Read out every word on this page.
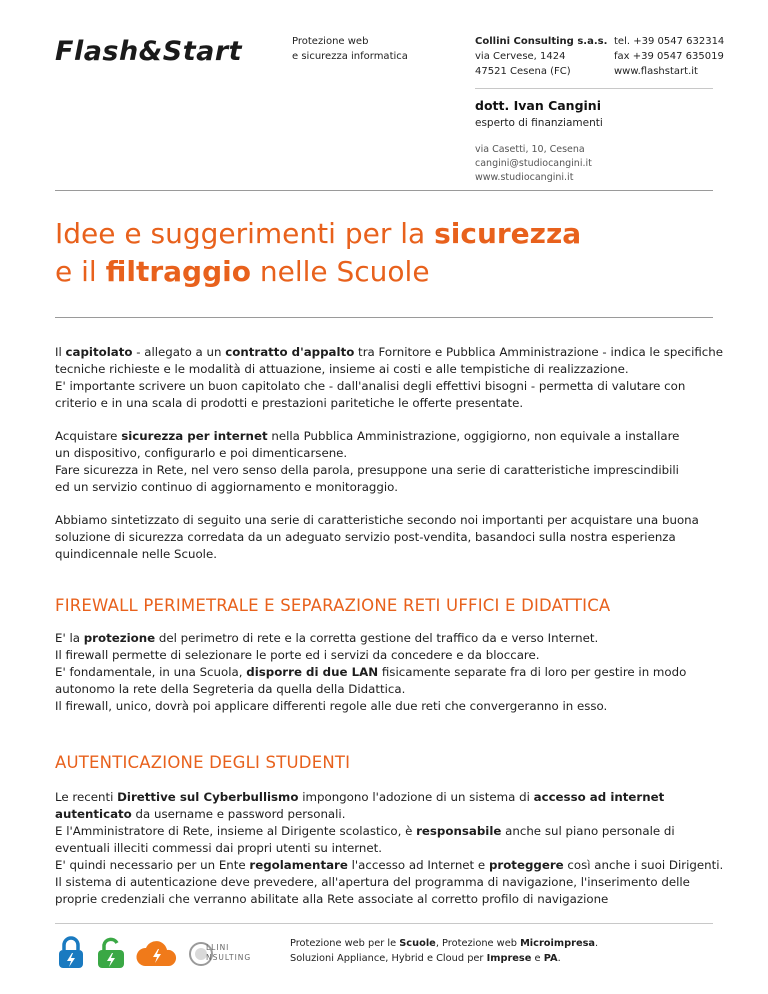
Flash&Start	Protezione web
e sicurezza informatica
Collini Consulting s.a.s.
via Cervese, 1424
47521 Cesena (FC)
tel. +39 0547 632314
fax +39 0547 635019
www.flashstart.it
dott. Ivan Cangini
esperto di finanziamenti
via Casetti, 10, Cesena
cangini@studiocangini.it
www.studiocangini.it
Idee e suggerimenti per la sicurezza
e il filtraggio nelle Scuole

Il capitolato - allegato a un contratto d'appalto tra Fornitore e Pubblica Amministrazione - indica le specifiche
tecniche richieste e le modalità di attuazione, insieme ai costi e alle tempistiche di realizzazione.
E' importante scrivere un buon capitolato che - dall'analisi degli effettivi bisogni - permetta di valutare con
criterio e in una scala di prodotti e prestazioni paritetiche le offerte presentate.

Acquistare sicurezza per internet nella Pubblica Amministrazione, oggigiorno, non equivale a installare
un dispositivo, configurarlo e poi dimenticarsene.
Fare sicurezza in Rete, nel vero senso della parola, presuppone una serie di caratteristiche imprescindibili
ed un servizio continuo di aggiornamento e monitoraggio.

Abbiamo sintetizzato di seguito una serie di caratteristiche secondo noi importanti per acquistare una buona
soluzione di sicurezza corredata da un adeguato servizio post-vendita, basandoci sulla nostra esperienza
quindicennale nelle Scuole.

FIREWALL PERIMETRALE E SEPARAZIONE RETI UFFICI E DIDATTICA
E' la protezione del perimetro di rete e la corretta gestione del traffico da e verso Internet.
Il firewall permette di selezionare le porte ed i servizi da concedere e da bloccare.
E' fondamentale, in una Scuola, disporre di due LAN fisicamente separate fra di loro per gestire in modo
autonomo la rete della Segreteria da quella della Didattica.
Il firewall, unico, dovrà poi applicare differenti regole alle due reti che convergeranno in esso.
AUTENTICAZIONE DEGLI STUDENTI
Le recenti Direttive sul Cyberbullismo impongono l'adozione di un sistema di accesso ad internet
autenticato da username e password personali.
E l'Amministratore di Rete, insieme al Dirigente scolastico, è responsabile anche sul piano personale di
eventuali illeciti commessi dai propri utenti su internet.
E' quindi necessario per un Ente regolamentare l'accesso ad Internet e proteggere così anche i suoi Dirigenti.
Il sistema di autenticazione deve prevedere, all'apertura del programma di navigazione, l'inserimento delle
proprie credenziali che verranno abilitate alla Rete associate al corretto profilo di navigazione
LLINI
NSULTING
Protezione web per le Scuole, Protezione web Microimpresa.
Soluzioni Appliance, Hybrid e Cloud per Imprese e PA.
